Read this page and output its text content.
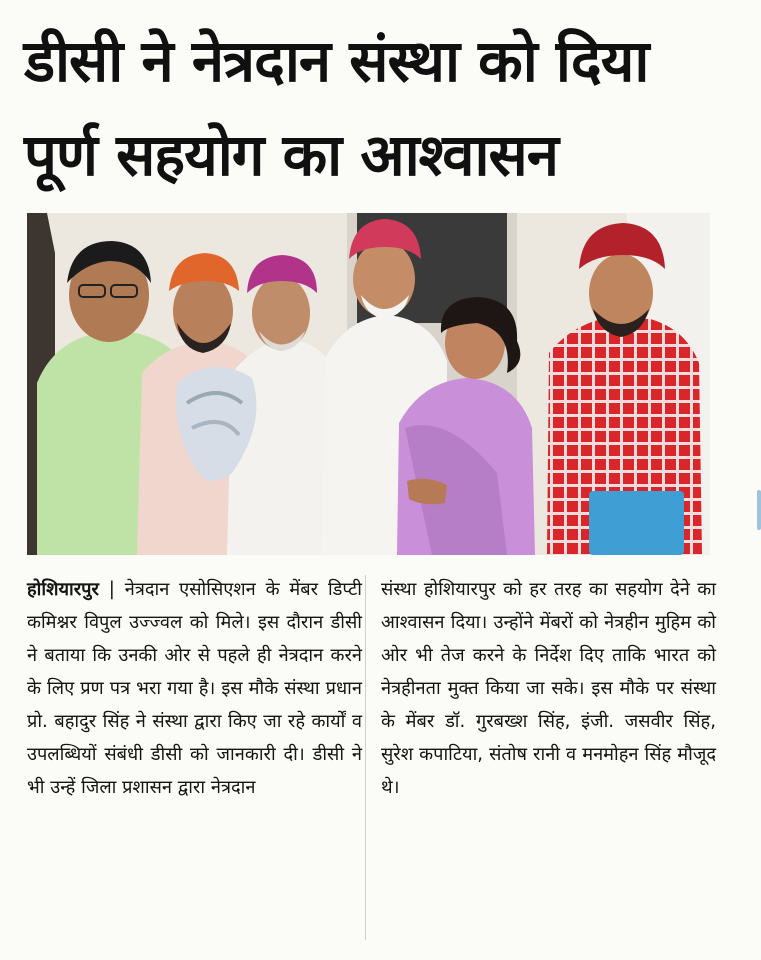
डीसी ने नेत्रदान संस्था को दिया
पूर्ण सहयोग का आश्वासन

होशियारपुर | नेत्रदान एसोसिएशन के मेंबर डिप्टी कमिश्नर विपुल उज्ज्वल को मिले। इस दौरान डीसी ने बताया कि उनकी ओर से पहले ही नेत्रदान करने के लिए प्रण पत्र भरा गया है। इस मौके संस्था प्रधान प्रो. बहादुर सिंह ने संस्था द्वारा किए जा रहे कार्यों व उपलब्धियों संबंधी डीसी को जानकारी दी। डीसी ने भी उन्हें जिला प्रशासन द्वारा नेत्रदान

संस्था होशियारपुर को हर तरह का सहयोग देने का आश्वासन दिया। उन्होंने मेंबरों को नेत्रहीन मुहिम को ओर भी तेज करने के निर्देश दिए ताकि भारत को नेत्रहीनता मुक्त किया जा सके। इस मौके पर संस्था के मेंबर डॉ. गुरबख्श सिंह, इंजी. जसवीर सिंह, सुरेश कपाटिया, संतोष रानी व मनमोहन सिंह मौजूद थे।
